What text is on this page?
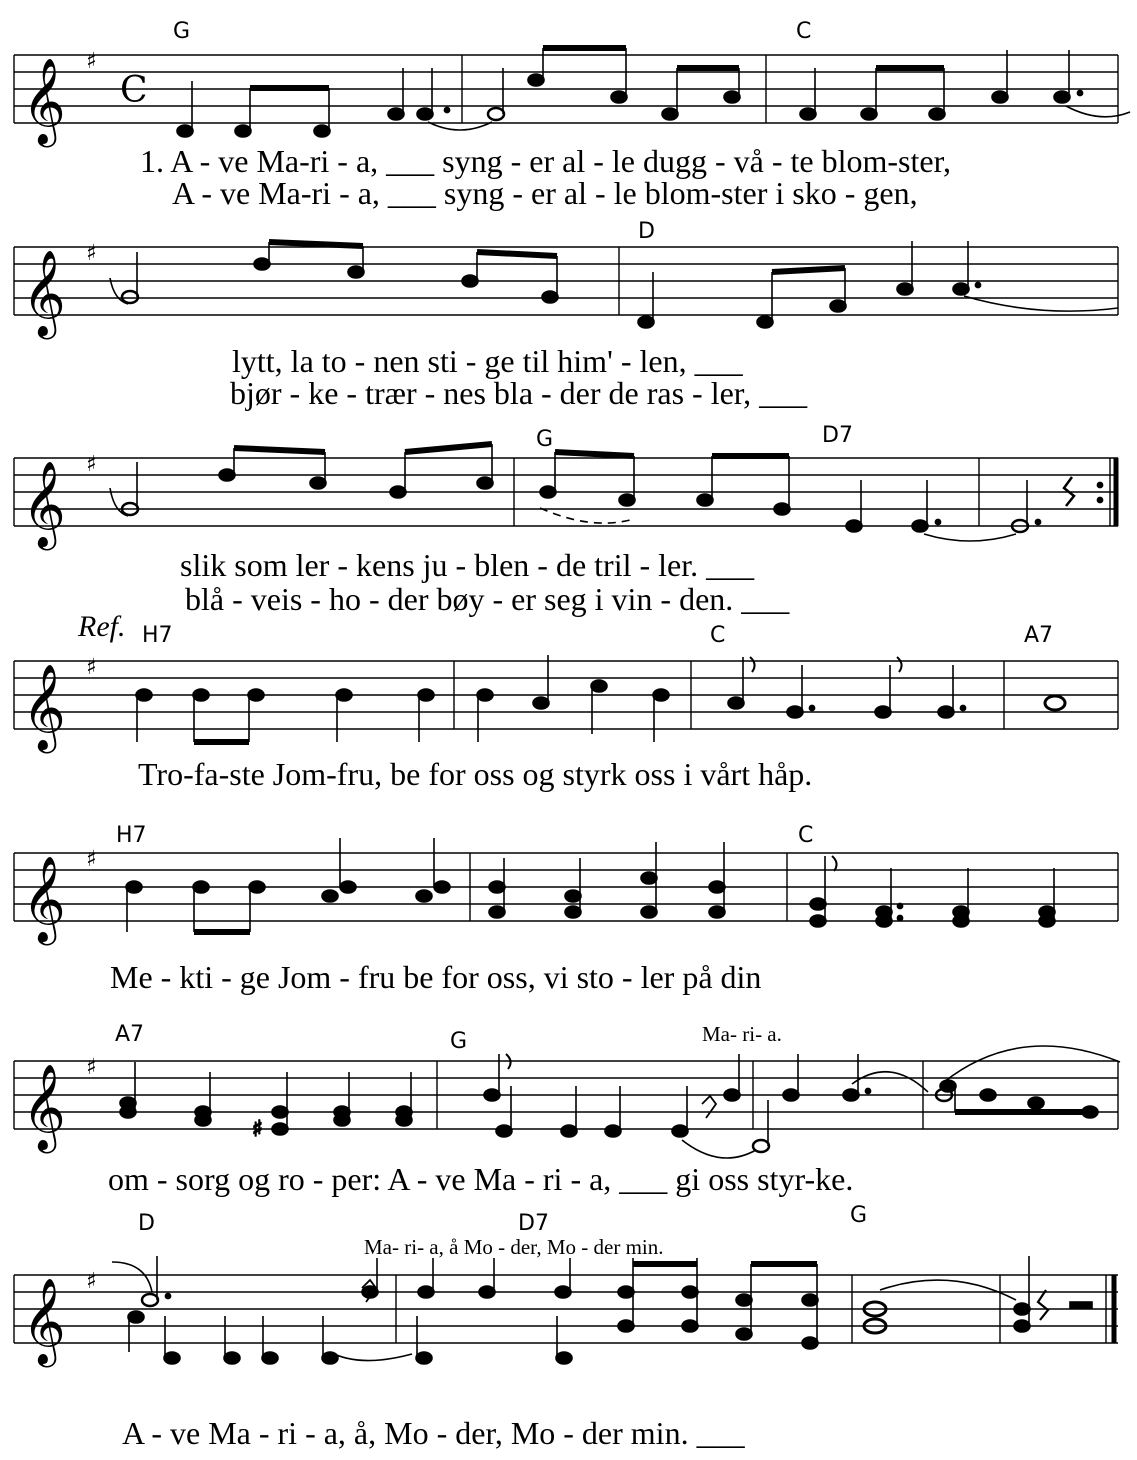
𝄞 ♯
C
G	C
1. A - ve Ma-ri - a, ___ syng - er al - le dugg - vå - te blom-ster,
A - ve Ma-ri - a, ___ syng - er al - le blom-ster i sko - gen,
𝄞 ♯
D
lytt, la to - nen sti - ge til him' - len, ___
bjør - ke - trær - nes bla - der de ras - ler, ___
𝄞 ♯
G	D7
slik som ler - kens ju - blen - de tril - ler. ___
blå - veis - ho - der bøy - er seg i vin - den. ___
𝄞 ♯
Ref. H7	C	A7
Tro-fa-ste Jom-fru, be for oss og styrk oss i vårt håp.
𝄞 ♯
H7	C
Me - kti - ge Jom - fru be for oss, vi sto - ler på din
𝄞 ♯
♯
Ma- ri- a.
A7	G
om - sorg og ro - per: A - ve Ma - ri - a, ___ gi oss styr-ke.
𝄞 ♯
Ma- ri- a, å Mo - der, Mo - der min.
D	D7	G
A - ve Ma - ri - a, å, Mo - der, Mo - der min. ___
